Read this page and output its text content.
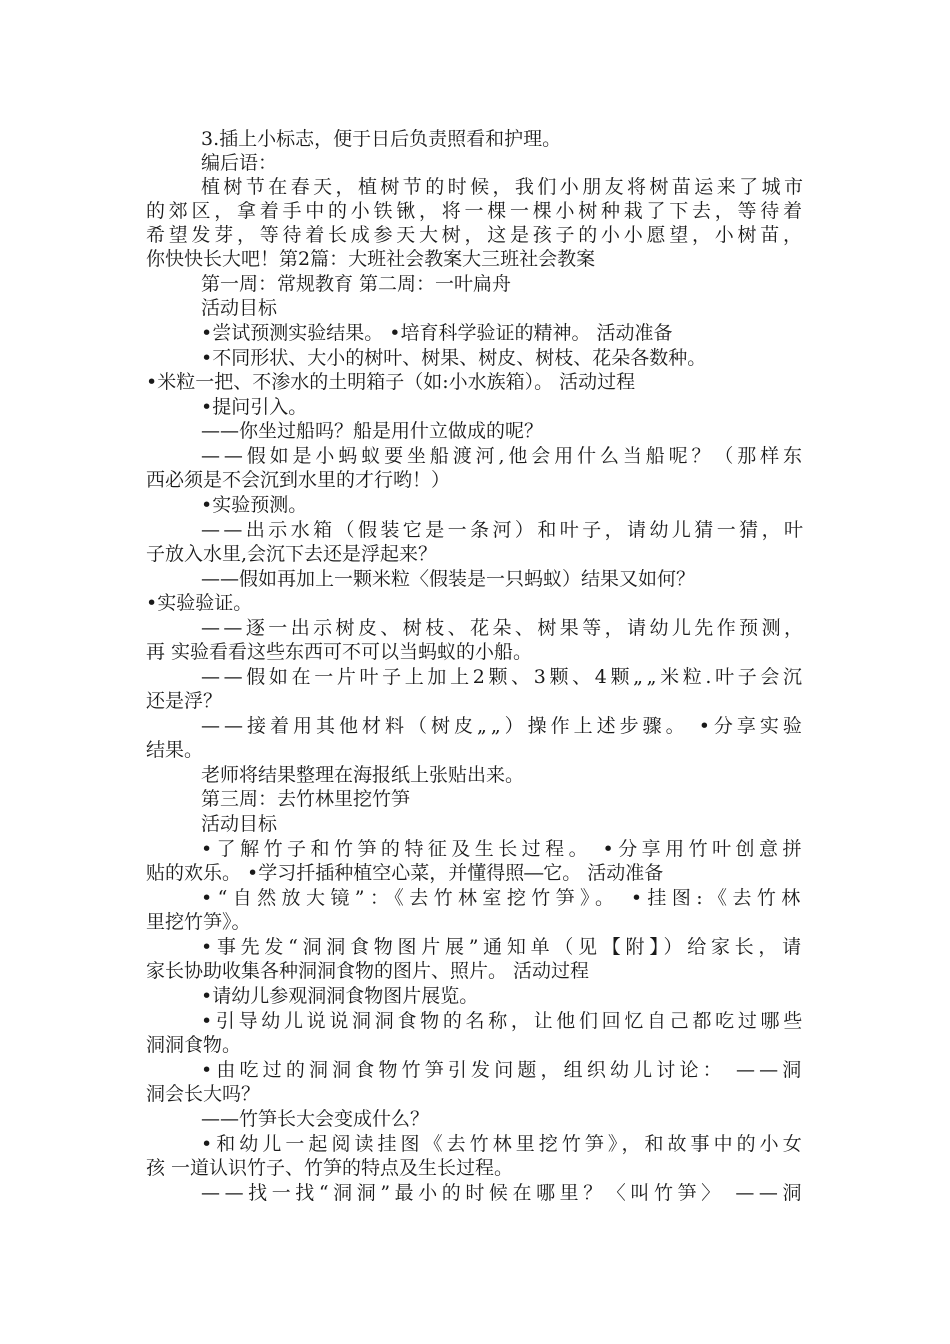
3.插上小标志，便于日后负责照看和护理。

编后语：

植树节在春天，植树节的时候，我们小朋友将树苗运来了城市

的郊区，拿着手中的小铁锹，将一棵一棵小树种栽了下去，等待着

希望发芽，等待着长成参天大树，这是孩子的小小愿望，小树苗，

你快快长大吧！第2篇：大班社会教案大三班社会教案

第一周：常规教育 第二周：一叶扁舟

活动目标

•尝试预测实验结果。 •培育科学验证的精神。 活动准备

•不同形状、大小的树叶、树果、树皮、树枝、花朵各数种。

•米粒一把、不渗水的土明箱子（如:小水族箱）。 活动过程

•提问引入。

——你坐过船吗？船是用什立做成的呢？

——假如是小蚂蚁要坐船渡河,他会用什么当船呢？（那样东

西必须是不会沉到水里的才行哟！）

•实验预测。

——出示水箱（假装它是一条河）和叶子，请幼儿猜一猜，叶

子放入水里,会沉下去还是浮起来？

——假如再加上一颗米粒〈假装是一只蚂蚁）结果又如何？

•实验验证。

——逐一出示树皮、树枝、花朵、树果等，请幼儿先作预测，

再 实验看看这些东西可不可以当蚂蚁的小船。

——假如在一片叶子上加上2颗、3颗、4颗„„米粒.叶子会沉

还是浮？

——接着用其他材料（树皮„„）操作上述步骤。 •分享实验

结果。

老师将结果整理在海报纸上张贴出来。

第三周：去竹林里挖竹笋

活动目标

•了解竹子和竹笋的特征及生长过程。 •分享用竹叶创意拼

贴的欢乐。 •学习扦插种植空心菜，并懂得照―它。 活动准备

•“自然放大镜”：《去竹林室挖竹笋》。 •挂图:《去竹林

里挖竹笋》。

•事先发“洞洞食物图片展”通知单（见【附】）给家长，请

家长协助收集各种洞洞食物的图片、照片。 活动过程

•请幼儿参观洞洞食物图片展览。

•引导幼儿说说洞洞食物的名称，让他们回忆自己都吃过哪些

洞洞食物。

•由吃过的洞洞食物竹笋引发问题，组织幼儿讨论： ——洞

洞会长大吗？

——竹笋长大会变成什么？

•和幼儿一起阅读挂图《去竹林里挖竹笋》，和故事中的小女

孩 一道认识竹子、竹笋的特点及生长过程。

——找一找“洞洞”最小的时候在哪里？〈叫竹笋〉 ——洞
